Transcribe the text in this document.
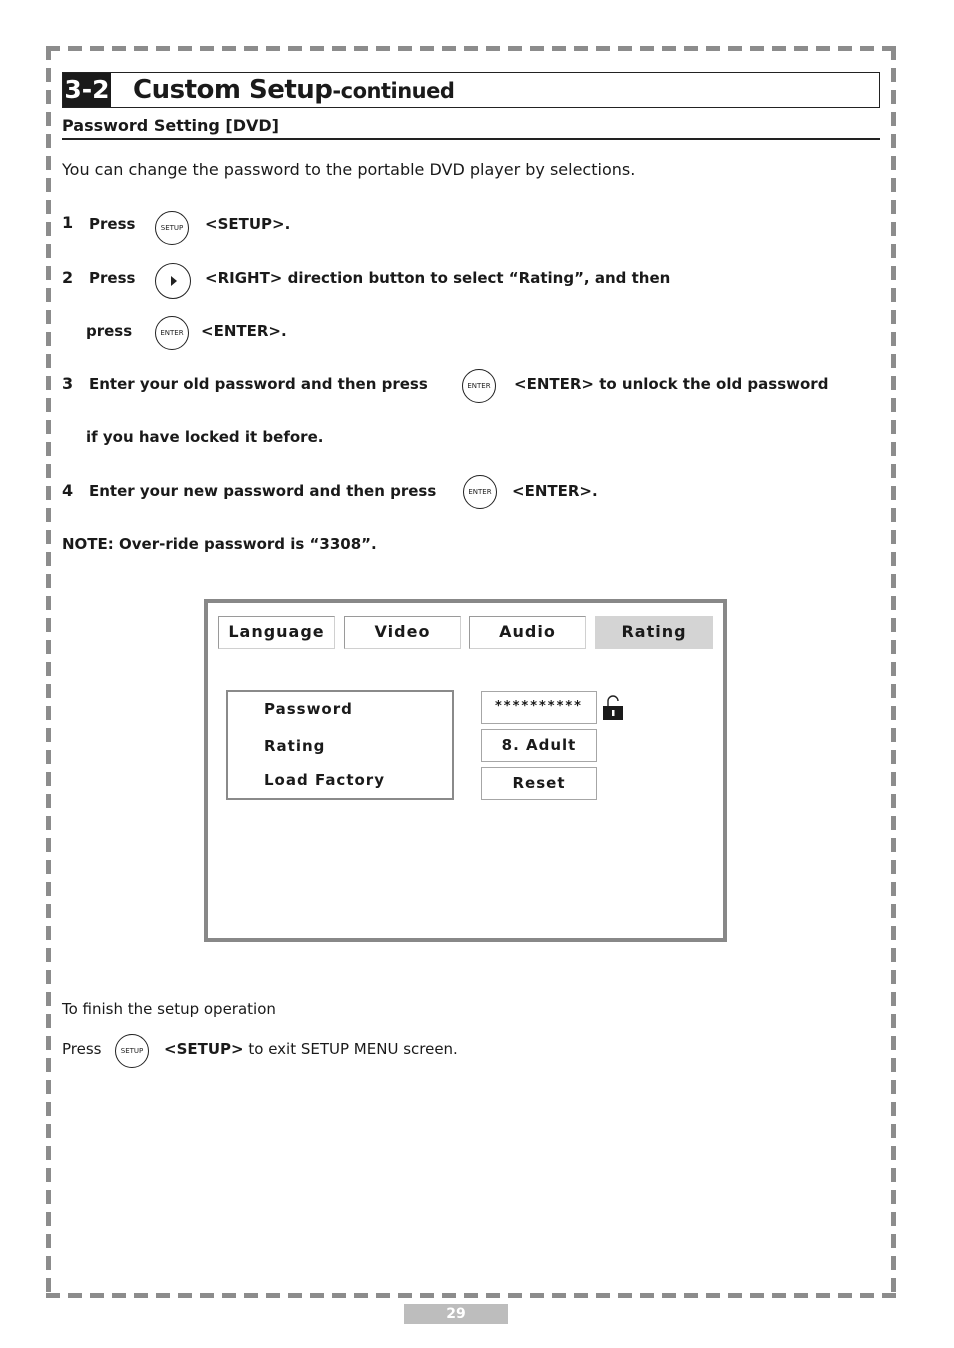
3-2 Custom Setup-continued
Password Setting [DVD]
You can change the password to the portable DVD player by selections.
1 Press	SETUP	<SETUP>.
2 Press	<RIGHT> direction button to select “Rating”, and then
press	ENTER	<ENTER>.
3 Enter your old password and then press	ENTER	<ENTER> to unlock the old password
if you have locked it before.
4 Enter your new password and then press	ENTER	<ENTER>.
NOTE: Over-ride password is “3308”.
Language	Video	Audio	Rating
Password
Rating
Load Factory
**********
8. Adult
Reset
To finish the setup operation
Press	SETUP	<SETUP> to exit SETUP MENU screen.
29
